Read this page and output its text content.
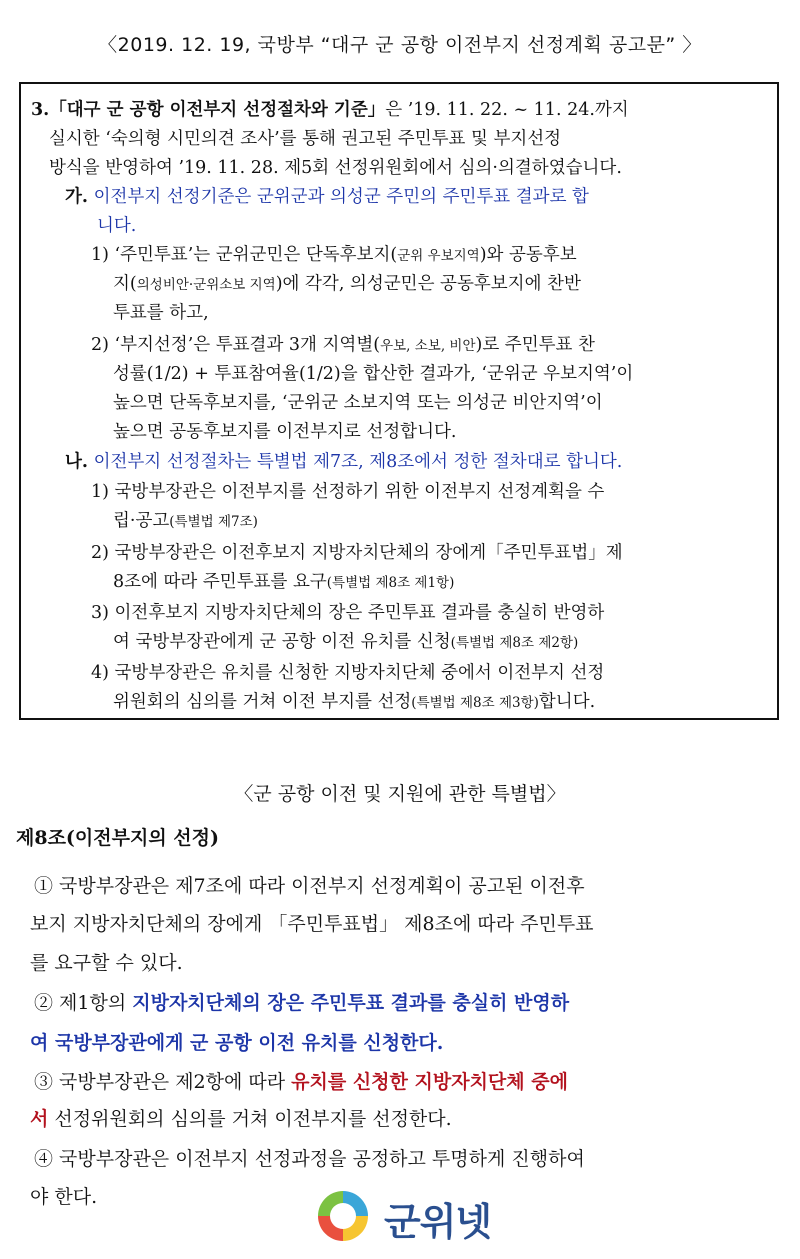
〈2019. 12. 19, 국방부 “대구 군 공항 이전부지 선정계획 공고문” 〉
3.「대구 군 공항 이전부지 선정절차와 기준」은 ’19. 11. 22. ~ 11. 24.까지
실시한 ‘숙의형 시민의견 조사’를 통해 권고된 주민투표 및 부지선정
방식을 반영하여 ’19. 11. 28. 제5회 선정위원회에서 심의·의결하였습니다.
가. 이전부지 선정기준은 군위군과 의성군 주민의 주민투표 결과로 합
니다.
1) ‘주민투표’는 군위군민은 단독후보지(군위 우보지역)와 공동후보
지(의성비안·군위소보 지역)에 각각, 의성군민은 공동후보지에 찬반
투표를 하고,
2) ‘부지선정’은 투표결과 3개 지역별(우보, 소보, 비안)로 주민투표 찬
성률(1/2) + 투표참여율(1/2)을 합산한 결과가, ‘군위군 우보지역’이
높으면 단독후보지를, ‘군위군 소보지역 또는 의성군 비안지역’이
높으면 공동후보지를 이전부지로 선정합니다.
나. 이전부지 선정절차는 특별법 제7조, 제8조에서 정한 절차대로 합니다.
1) 국방부장관은 이전부지를 선정하기 위한 이전부지 선정계획을 수
립·공고(특별법 제7조)
2) 국방부장관은 이전후보지 지방자치단체의 장에게「주민투표법」제
8조에 따라 주민투표를 요구(특별법 제8조 제1항)
3) 이전후보지 지방자치단체의 장은 주민투표 결과를 충실히 반영하
여 국방부장관에게 군 공항 이전 유치를 신청(특별법 제8조 제2항)
4) 국방부장관은 유치를 신청한 지방자치단체 중에서 이전부지 선정
위원회의 심의를 거쳐 이전 부지를 선정(특별법 제8조 제3항)합니다.
〈군 공항 이전 및 지원에 관한 특별법〉
제8조(이전부지의 선정)
① 국방부장관은 제7조에 따라 이전부지 선정계획이 공고된 이전후
보지 지방자치단체의 장에게 「주민투표법」 제8조에 따라 주민투표
를 요구할 수 있다.
② 제1항의 지방자치단체의 장은 주민투표 결과를 충실히 반영하
여 국방부장관에게 군 공항 이전 유치를 신청한다.
③ 국방부장관은 제2항에 따라 유치를 신청한 지방자치단체 중에
서 선정위원회의 심의를 거쳐 이전부지를 선정한다.
④ 국방부장관은 이전부지 선정과정을 공정하고 투명하게 진행하여
야 한다.
군위넷
